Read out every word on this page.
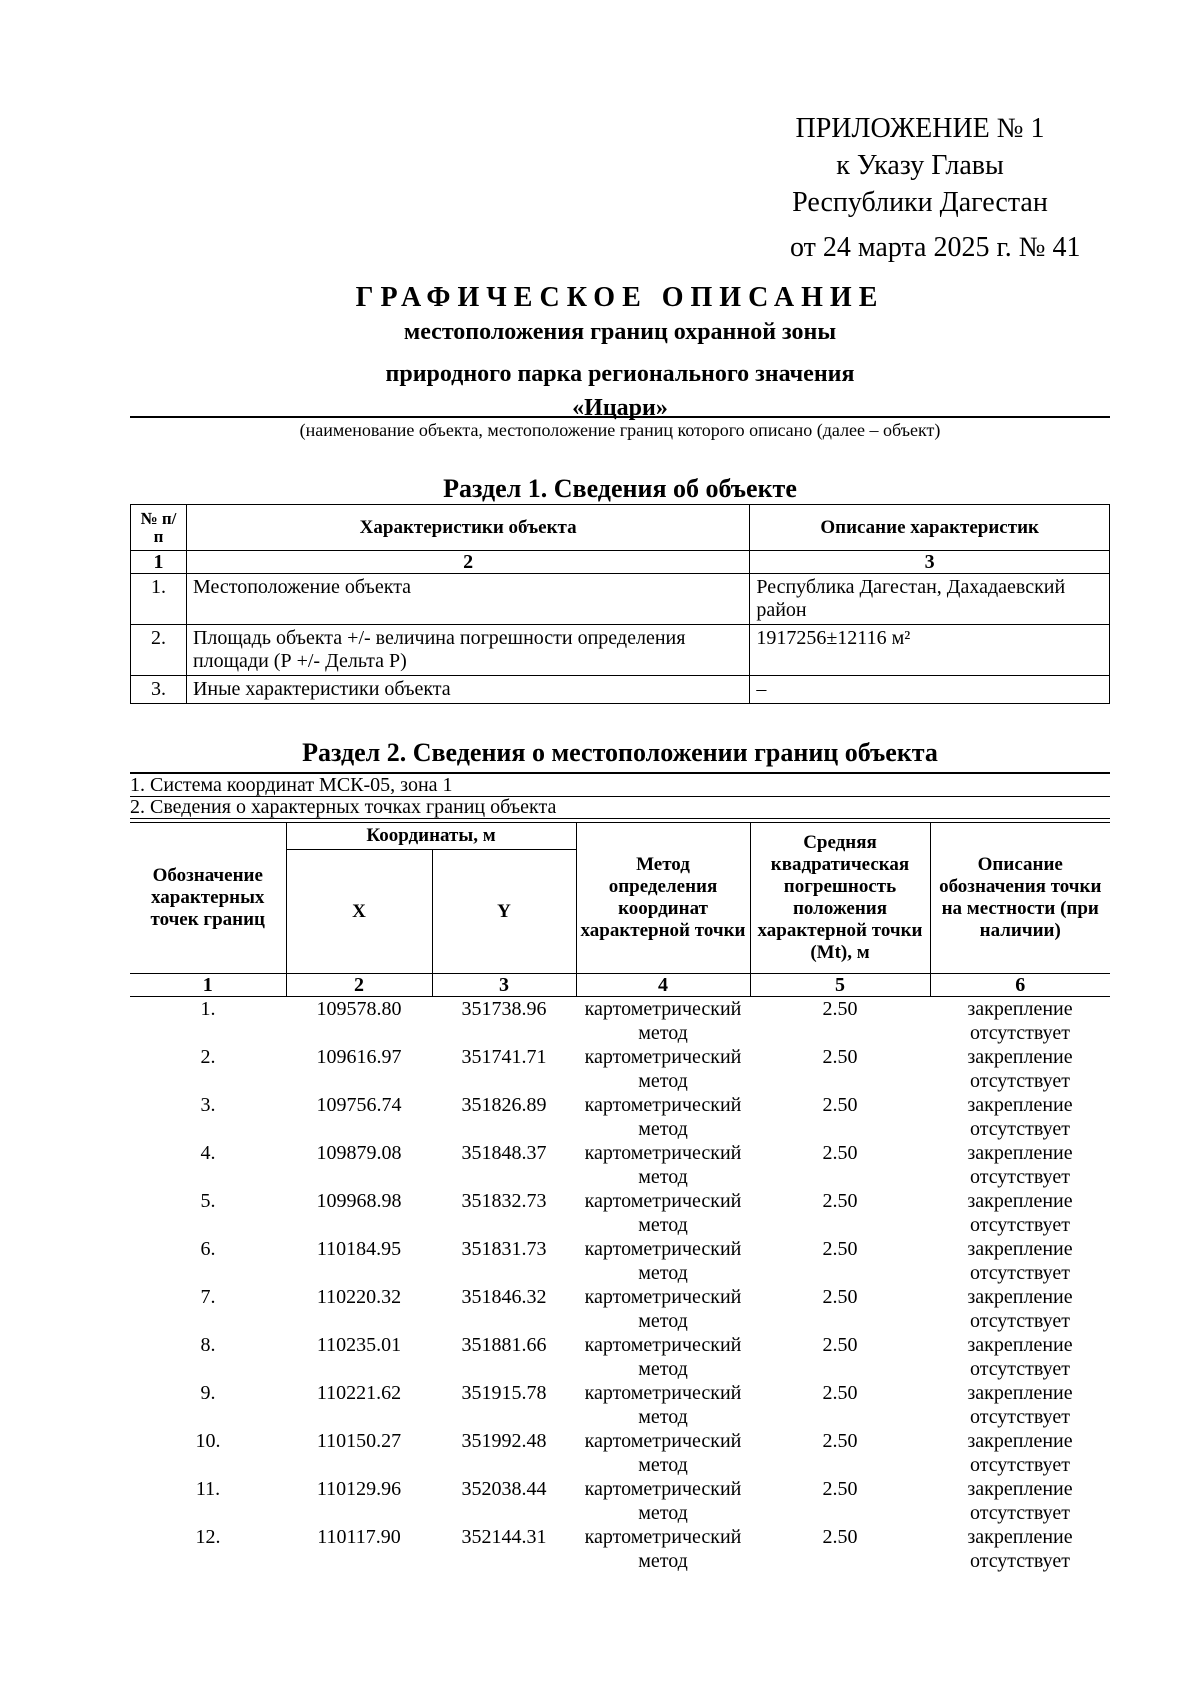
ПРИЛОЖЕНИЕ № 1
к Указу Главы
Республики Дагестан
от 24 марта 2025 г. № 41
ГРАФИЧЕСКОЕ ОПИСАНИЕ
местоположения границ охранной зоны
природного парка регионального значения
«Ицари»
(наименование объекта, местоположение границ которого описано (далее – объект)
Раздел 1. Сведения об объекте
№ п/п	Характеристики объекта	Описание характеристик
1	2	3
1.	Местоположение объекта	Республика Дагестан, Дахадаевский район
2.	Площадь объекта +/- величина погрешности определения площади (Р +/- Дельта Р)	1917256±12116 м²
3.	Иные характеристики объекта	–
Раздел 2. Сведения о местоположении границ объекта
1. Система координат МСК-05, зона 1
2. Сведения о характерных точках границ объекта
Обозначение характерных точек границ	Координаты, м		Метод определения координат характерной точки	Средняя квадратическая погрешность положения характерной точки (Mt), м	Описание обозначения точки на местности (при наличии)
	X	Y			
1	2	3	4	5	6
1.	109578.80	351738.96	картометрический метод	2.50	закрепление отсутствует
2.	109616.97	351741.71	картометрический метод	2.50	закрепление отсутствует
3.	109756.74	351826.89	картометрический метод	2.50	закрепление отсутствует
4.	109879.08	351848.37	картометрический метод	2.50	закрепление отсутствует
5.	109968.98	351832.73	картометрический метод	2.50	закрепление отсутствует
6.	110184.95	351831.73	картометрический метод	2.50	закрепление отсутствует
7.	110220.32	351846.32	картометрический метод	2.50	закрепление отсутствует
8.	110235.01	351881.66	картометрический метод	2.50	закрепление отсутствует
9.	110221.62	351915.78	картометрический метод	2.50	закрепление отсутствует
10.	110150.27	351992.48	картометрический метод	2.50	закрепление отсутствует
11.	110129.96	352038.44	картометрический метод	2.50	закрепление отсутствует
12.	110117.90	352144.31	картометрический метод	2.50	закрепление отсутствует
